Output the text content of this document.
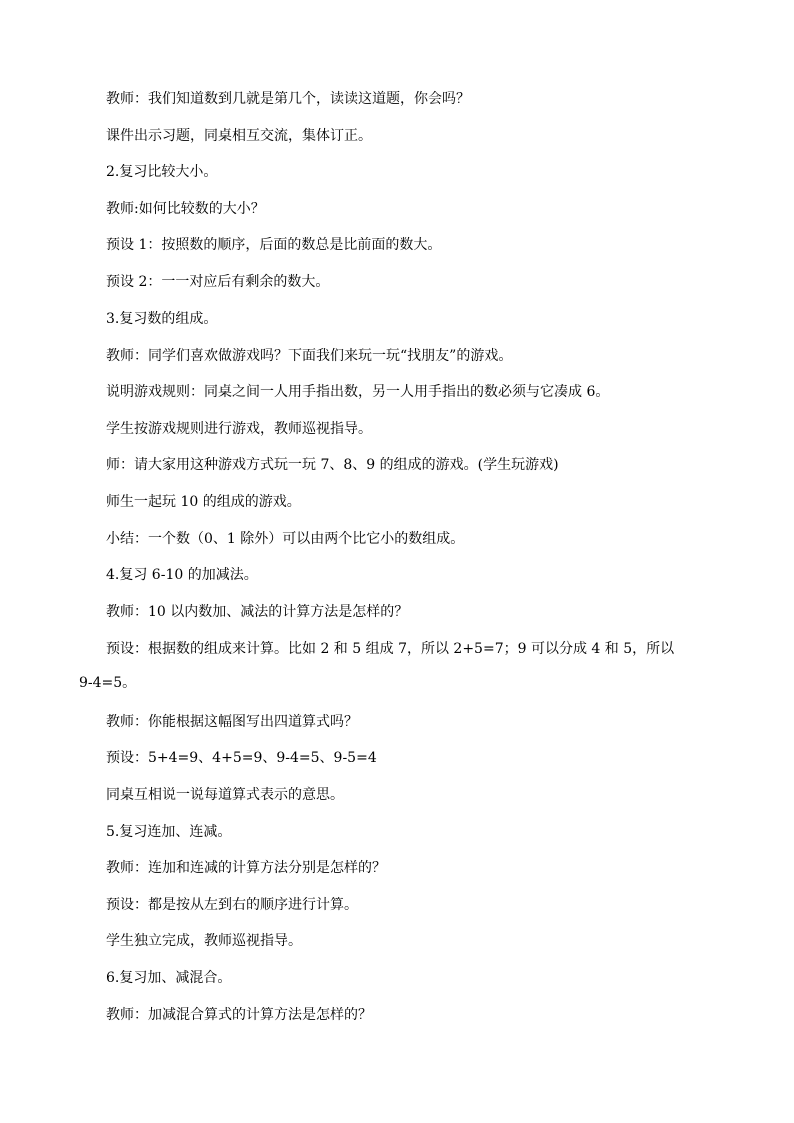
教师：我们知道数到几就是第几个，读读这道题，你会吗？
课件出示习题，同桌相互交流，集体订正。
2.复习比较大小。
教师:如何比较数的大小？
预设 1：按照数的顺序，后面的数总是比前面的数大。
预设 2：一一对应后有剩余的数大。
3.复习数的组成。
教师：同学们喜欢做游戏吗？下面我们来玩一玩“找朋友”的游戏。
说明游戏规则：同桌之间一人用手指出数，另一人用手指出的数必须与它凑成 6。
学生按游戏规则进行游戏，教师巡视指导。
师：请大家用这种游戏方式玩一玩 7、8、9 的组成的游戏。(学生玩游戏)
师生一起玩 10 的组成的游戏。
小结：一个数（0、1 除外）可以由两个比它小的数组成。
4.复习 6-10 的加减法。
教师：10 以内数加、减法的计算方法是怎样的？
预设：根据数的组成来计算。比如 2 和 5 组成 7，所以 2+5=7；9 可以分成 4 和 5，所以
9-4=5。
教师：你能根据这幅图写出四道算式吗？
预设：5+4=9、4+5=9、9-4=5、9-5=4
同桌互相说一说每道算式表示的意思。
5.复习连加、连减。
教师：连加和连减的计算方法分别是怎样的？
预设：都是按从左到右的顺序进行计算。
学生独立完成，教师巡视指导。
6.复习加、减混合。
教师：加减混合算式的计算方法是怎样的？
